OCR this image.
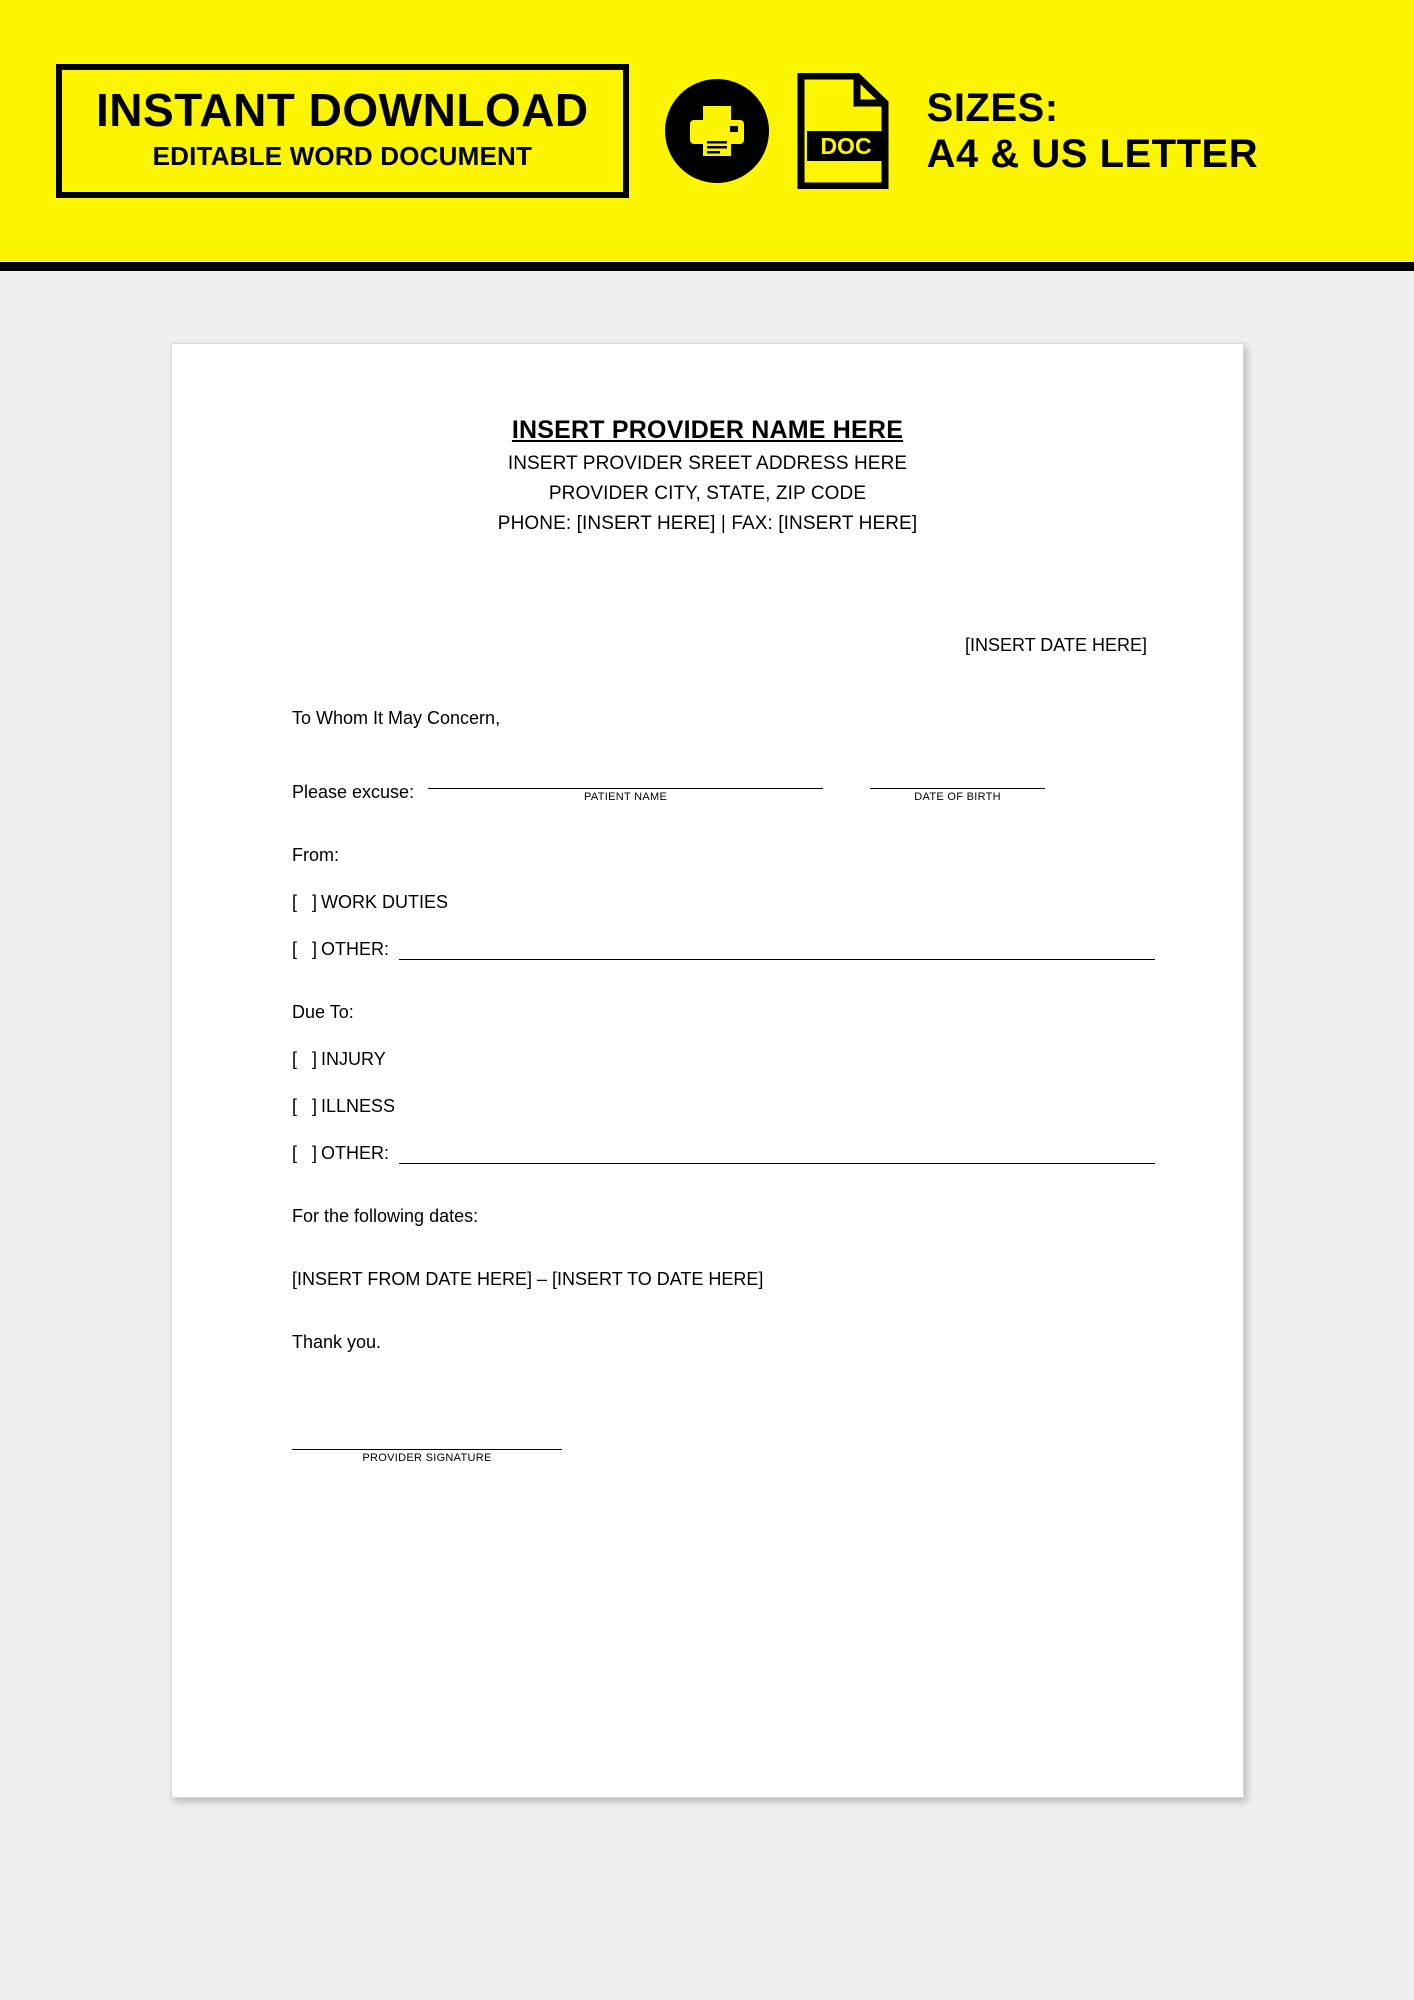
INSTANT DOWNLOAD
EDITABLE WORD DOCUMENT	DOC
SIZES:
A4 & US LETTER
INSERT PROVIDER NAME HERE
INSERT PROVIDER SREET ADDRESS HERE
PROVIDER CITY, STATE, ZIP CODE
PHONE: [INSERT HERE] | FAX: [INSERT HERE]
[INSERT DATE HERE]
To Whom It May Concern,
Please excuse:	PATIENT NAME	DATE OF BIRTH
From:
[   ] WORK DUTIES
[   ] OTHER:
Due To:
[   ] INJURY
[   ] ILLNESS
[   ] OTHER:
For the following dates:
[INSERT FROM DATE HERE] – [INSERT TO DATE HERE]
Thank you.
PROVIDER SIGNATURE
